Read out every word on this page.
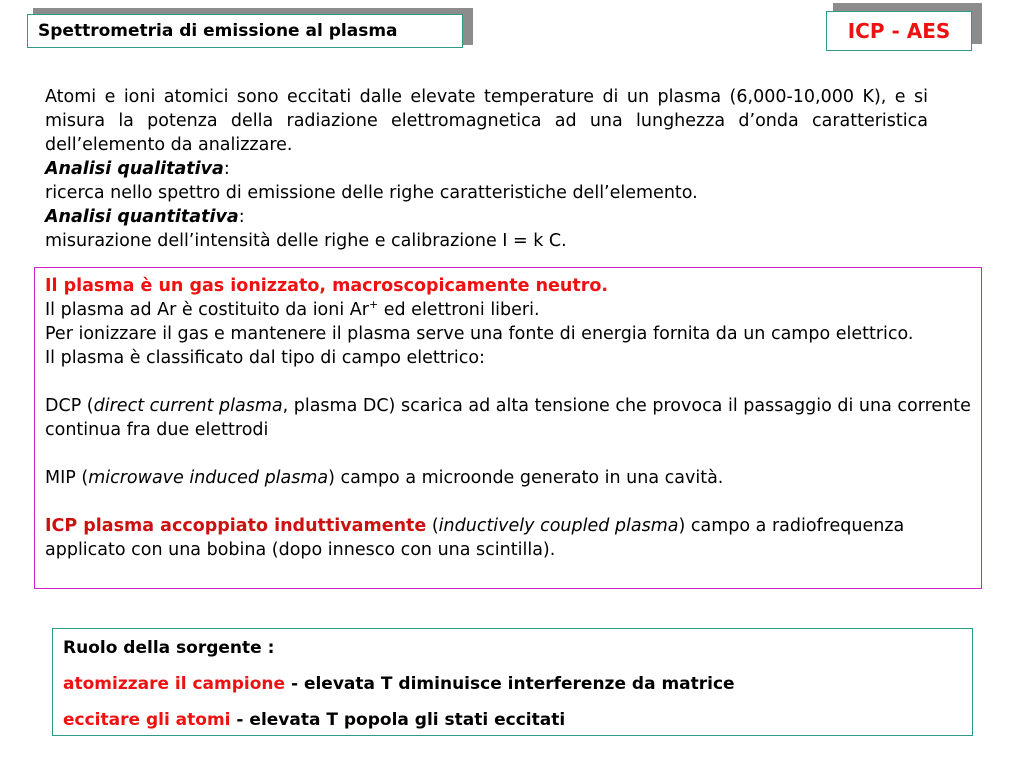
Spettrometria di emissione al plasma	ICP - AES
Atomi e ioni atomici sono eccitati dalle elevate temperature di un plasma (6,000-10,000 K), e si misura la potenza della radiazione elettromagnetica ad una lunghezza d’onda caratteristica dell’elemento da analizzare.
Analisi qualitativa:
ricerca nello spettro di emissione delle righe caratteristiche dell’elemento.
Analisi quantitativa:
misurazione dell’intensità delle righe e calibrazione I = k C.
Il plasma è un gas ionizzato, macroscopicamente neutro.
Il plasma ad Ar è costituito da ioni Ar+ ed elettroni liberi.
Per ionizzare il gas e mantenere il plasma serve una fonte di energia fornita da un campo elettrico.
Il plasma è classificato dal tipo di campo elettrico:
DCP (direct current plasma, plasma DC) scarica ad alta tensione che provoca il passaggio di una corrente continua fra due elettrodi
MIP (microwave induced plasma) campo a microonde generato in una cavità.
ICP plasma accoppiato induttivamente (inductively coupled plasma) campo a radiofrequenza applicato con una bobina (dopo innesco con una scintilla).
Ruolo della sorgente :
atomizzare il campione - elevata T diminuisce interferenze da matrice
eccitare gli atomi - elevata T popola gli stati eccitati
